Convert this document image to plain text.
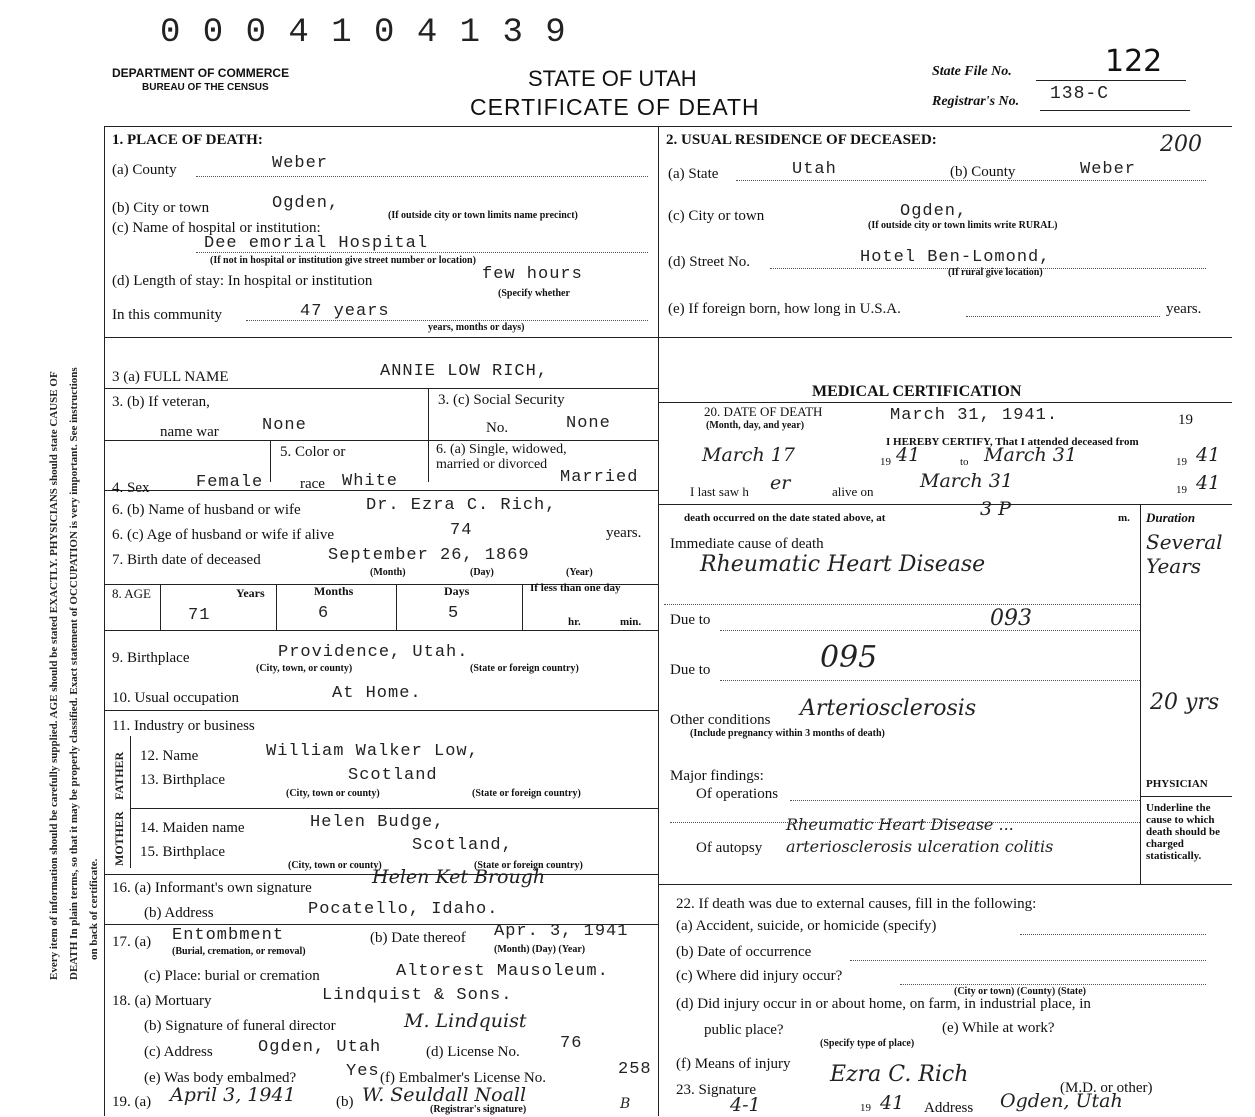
0 0 0 4 1 0 4 1 3 9
DEATH In plain terms, so that it may be properly classified. Exact statement of OCCUPATION is very important. See instructions
Every item of information should be carefully supplied. AGE should be stated EXACTLY. PHYSICIANS should state CAUSE OF	on back of certificate.
DEPARTMENT OF COMMERCE
BUREAU OF THE CENSUS	STATE OF UTAH
CERTIFICATE OF DEATH
State File No.	122
Registrar's No. 138-C
1. PLACE OF DEATH:
(a) County	Weber
(b) City or town	Ogden,
(If outside city or town limits name precinct)
(c) Name of hospital or institution:
Dee emorial Hospital
(If not in hospital or institution give street number or location)
(d) Length of stay: In hospital or institution	few hours
(Specify whether
In this community	47 years
years, months or days)
2. USUAL RESIDENCE OF DECEASED:	200
(a) State	Utah	(b) County	Weber
(c) City or town	Ogden,
(If outside city or town limits write RURAL)
(d) Street No.	Hotel Ben-Lomond,
(If rural give location)
(e) If foreign born, how long in U.S.A.	years.
3 (a) FULL NAME	ANNIE LOW RICH,
MEDICAL CERTIFICATION
3. (b) If veteran,
name war	None
3. (c) Social Security
No.	None
5. Color or
4. Sex	Female race White
6. (a) Single, widowed, married or divorced
Married
6. (b) Name of husband or wife	Dr. Ezra C. Rich,
6. (c) Age of husband or wife if alive	74	years.
7. Birth date of deceased	September 26, 1869
(Month)	(Day)	(Year)
8. AGE	Years
71
Months
6
Days
5
If less than one day
hr.	min.
9. Birthplace	Providence, Utah.
(City, town, or county)	(State or foreign country)
10. Usual occupation	At Home.
11. Industry or business
FATHER
MOTHER
12. Name	William Walker Low,
13. Birthplace	Scotland
(City, town or county)	(State or foreign country)
14. Maiden name	Helen Budge,
15. Birthplace	Scotland,
(City, town or county)	(State or foreign country)
16. (a) Informant's own signature	Helen Ket Brough
(b) Address	Pocatello, Idaho.
17. (a) Entombment
(Burial, cremation, or removal)
(b) Date thereof Apr. 3, 1941
(Month) (Day) (Year)
(c) Place: burial or cremation	Altorest Mausoleum.
18. (a) Mortuary	Lindquist & Sons.
(b) Signature of funeral director	M. Lindquist
(c) Address	Ogden, Utah	(d) License No. 76
(e) Was body embalmed?	Yes (f) Embalmer's License No.	258
19. (a) April 3, 1941	(b) W. Seuldall Noall
(Registrar's signature)	B
20. DATE OF DEATH
(Month, day, and year)
March 31, 1941.	19
I HEREBY CERTIFY, That I attended deceased from
March 17	19 41	to March 31	19 41
I last saw h er	alive on March 31	19 41
death occurred on the date stated above, at	3 P	m. Duration
Immediate cause of death
Rheumatic Heart Disease
Several Years
Due to	093
Due to	095
Other conditions Arteriosclerosis	20 yrs
(Include pregnancy within 3 months of death)
Major findings:
Of operations
Of autopsy
Rheumatic Heart Disease ... arteriosclerosis ulceration colitis
PHYSICIAN
Underline the cause to which death should be charged statistically.
22. If death was due to external causes, fill in the following:
(a) Accident, suicide, or homicide (specify)
(b) Date of occurrence
(c) Where did injury occur?
(City or town) (County) (State)
(d) Did injury occur in or about home, on farm, in industrial place, in
public place?
(Specify type of place)
(e) While at work?
(f) Means of injury
23. Signature
Ezra C. Rich
(M.D. or other)
4-1	19 41 Address Ogden, Utah
